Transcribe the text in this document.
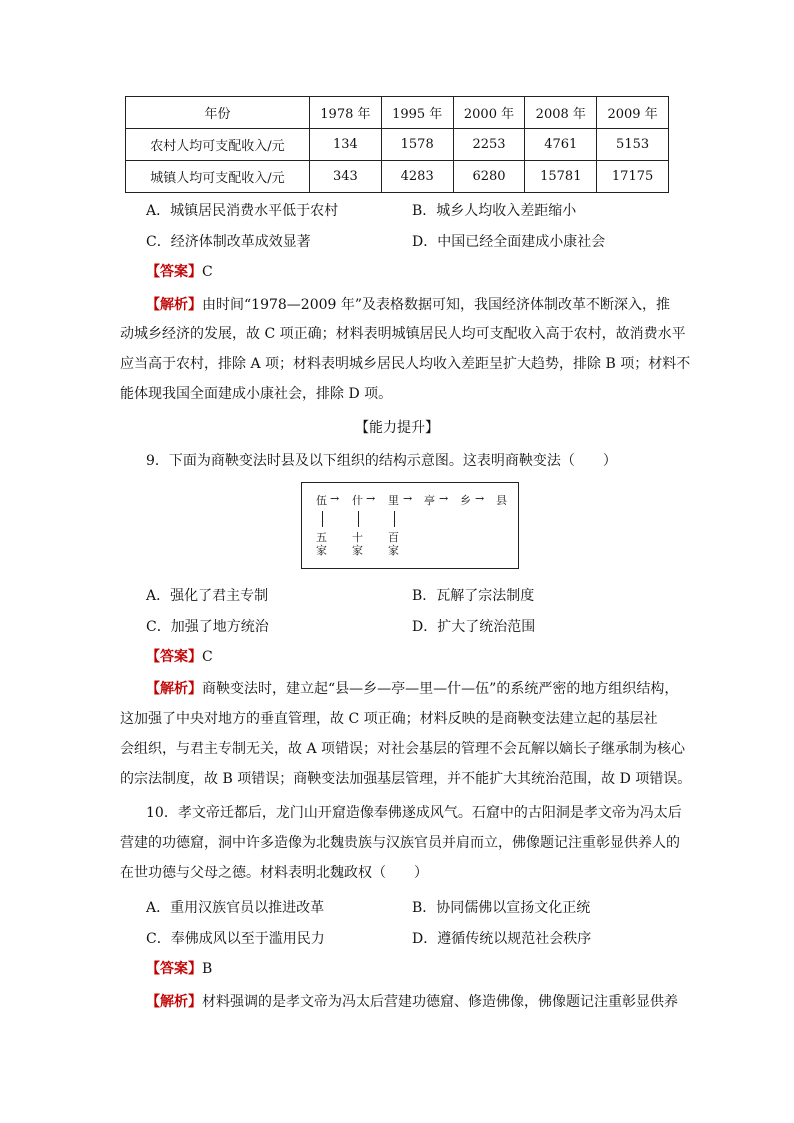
年份	1978 年	1995 年	2000 年	2008 年	2009 年
农村人均可支配收入/元	134	1578	2253	4761	5153
城镇人均可支配收入/元	343	4283	6280	15781	17175
A．城镇居民消费水平低于农村	B．城乡人均收入差距缩小
C．经济体制改革成效显著	D．中国已经全面建成小康社会
【答案】C
【解析】由时间“1978—2009 年”及表格数据可知，我国经济体制改革不断深入，推
动城乡经济的发展，故 C 项正确；材料表明城镇居民人均可支配收入高于农村，故消费水平
应当高于农村，排除 A 项；材料表明城乡居民人均收入差距呈扩大趋势，排除 B 项；材料不
能体现我国全面建成小康社会，排除 D 项。
【能力提升】
9．下面为商鞅变法时县及以下组织的结构示意图。这表明商鞅变法（　　）
伍 → 什 → 里 → 亭 → 乡 → 县
五
家
十
家
百
家
A．强化了君主专制	B．瓦解了宗法制度
C．加强了地方统治	D．扩大了统治范围
【答案】C
【解析】商鞅变法时，建立起“县—乡—亭—里—什—伍”的系统严密的地方组织结构，
这加强了中央对地方的垂直管理，故 C 项正确；材料反映的是商鞅变法建立起的基层社
会组织，与君主专制无关，故 A 项错误；对社会基层的管理不会瓦解以嫡长子继承制为核心
的宗法制度，故 B 项错误；商鞅变法加强基层管理，并不能扩大其统治范围，故 D 项错误。
10．孝文帝迁都后，龙门山开窟造像奉佛遂成风气。石窟中的古阳洞是孝文帝为冯太后
营建的功德窟，洞中许多造像为北魏贵族与汉族官员并肩而立，佛像题记注重彰显供养人的
在世功德与父母之德。材料表明北魏政权（　　）
A．重用汉族官员以推进改革	B．协同儒佛以宣扬文化正统
C．奉佛成风以至于滥用民力	D．遵循传统以规范社会秩序
【答案】B
【解析】材料强调的是孝文帝为冯太后营建功德窟、修造佛像，佛像题记注重彰显供养
